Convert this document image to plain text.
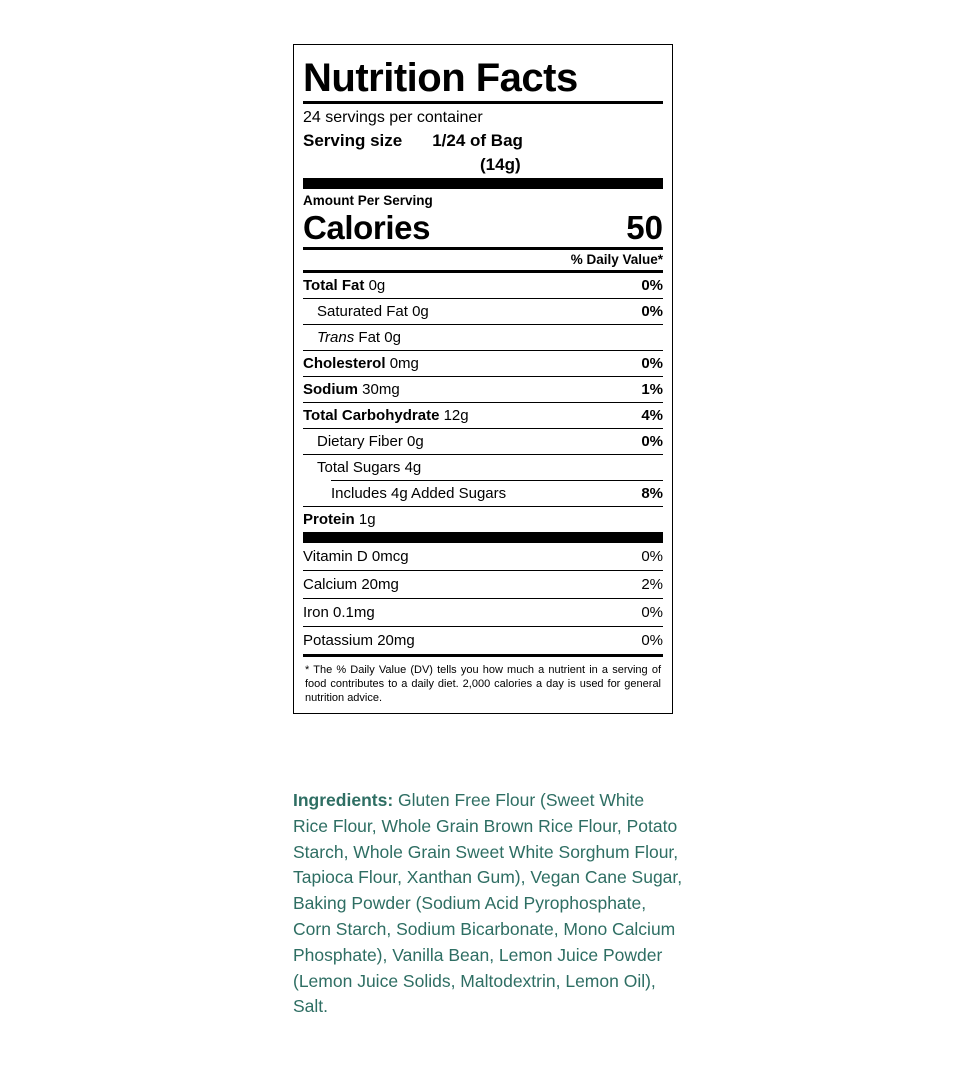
Nutrition Facts
24 servings per container
Serving size	1/24 of Bag
(14g)
Amount Per Serving
Calories	50
% Daily Value*
Total Fat 0g	0%
Saturated Fat 0g	0%
Trans Fat 0g
Cholesterol 0mg	0%
Sodium 30mg	1%
Total Carbohydrate 12g	4%
Dietary Fiber 0g	0%
Total Sugars 4g
Includes 4g Added Sugars	8%
Protein 1g
Vitamin D 0mcg	0%
Calcium 20mg	2%
Iron 0.1mg	0%
Potassium 20mg	0%
* The % Daily Value (DV) tells you how much a nutrient in a serving of food contributes to a daily diet. 2,000 calories a day is used for general nutrition advice.
Ingredients: Gluten Free Flour (Sweet White Rice Flour, Whole Grain Brown Rice Flour, Potato Starch, Whole Grain Sweet White Sorghum Flour, Tapioca Flour, Xanthan Gum), Vegan Cane Sugar, Baking Powder (Sodium Acid Pyrophosphate, Corn Starch, Sodium Bicarbonate, Mono Calcium Phosphate), Vanilla Bean, Lemon Juice Powder (Lemon Juice Solids, Maltodextrin, Lemon Oil), Salt.
